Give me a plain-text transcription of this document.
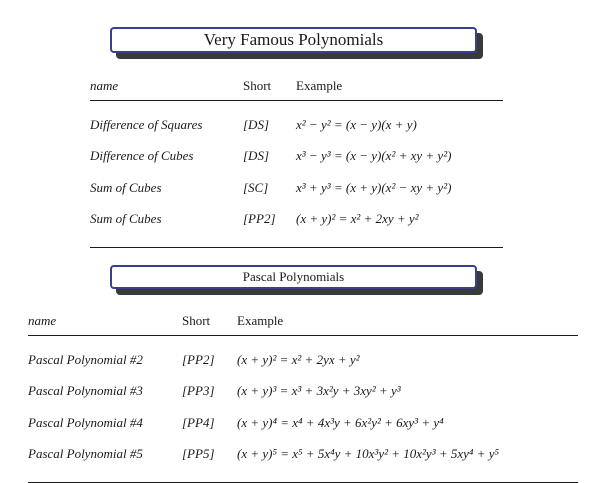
Very Famous Polynomials
name	Short	Example

Difference of Squares	[DS]	x² − y² = (x − y)(x + y)
Difference of Cubes	[DS]	x³ − y³ = (x − y)(x² + xy + y²)
Sum of Cubes	[SC]	x³ + y³ = (x + y)(x² − xy + y²)
Sum of Cubes	[PP2]	(x + y)² = x² + 2xy + y²

Pascal Polynomials
name	Short	Example

Pascal Polynomial #2	[PP2]	(x + y)² = x² + 2yx + y²
Pascal Polynomial #3	[PP3]	(x + y)³ = x³ + 3x²y + 3xy² + y³
Pascal Polynomial #4	[PP4]	(x + y)⁴ = x⁴ + 4x³y + 6x²y² + 6xy³ + y⁴
Pascal Polynomial #5	[PP5]	(x + y)⁵ = x⁵ + 5x⁴y + 10x³y² + 10x²y³ + 5xy⁴ + y⁵
